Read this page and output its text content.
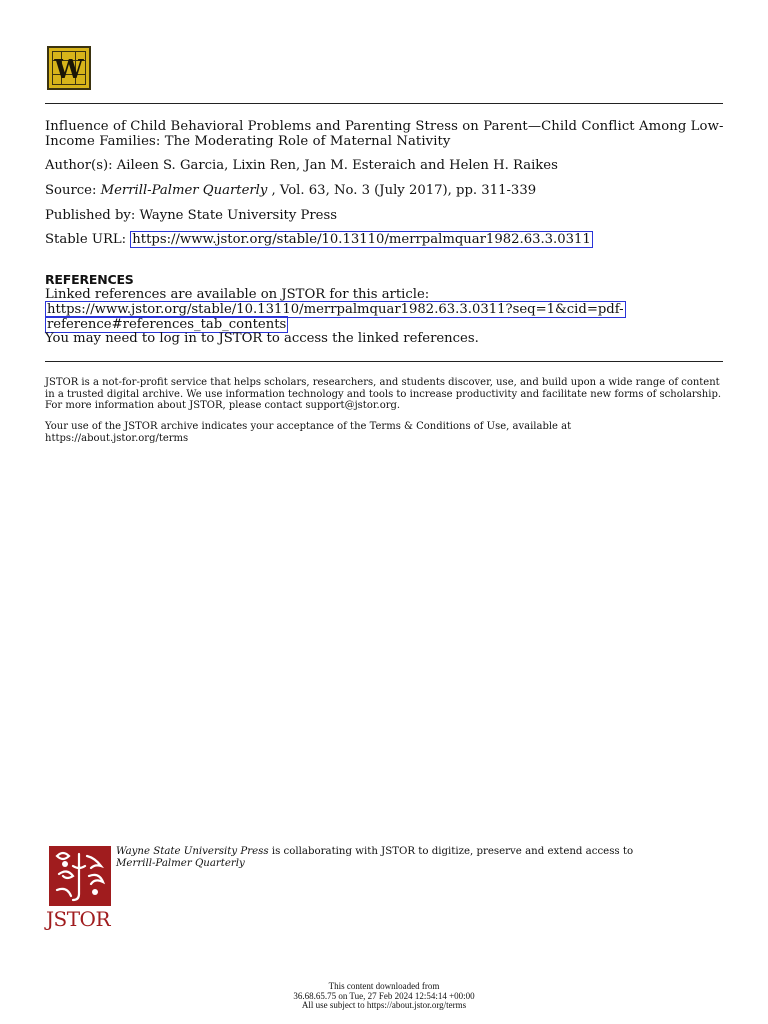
W
Influence of Child Behavioral Problems and Parenting Stress on Parent—Child Conflict Among Low-Income Families: The Moderating Role of Maternal Nativity
Author(s): Aileen S. Garcia, Lixin Ren, Jan M. Esteraich and Helen H. Raikes
Source: Merrill-Palmer Quarterly , Vol. 63, No. 3 (July 2017), pp. 311-339
Published by: Wayne State University Press
Stable URL: https://www.jstor.org/stable/10.13110/merrpalmquar1982.63.3.0311
REFERENCES
Linked references are available on JSTOR for this article:
https://www.jstor.org/stable/10.13110/merrpalmquar1982.63.3.0311?seq=1&cid=pdf-
reference#references_tab_contents
You may need to log in to JSTOR to access the linked references.
JSTOR is a not-for-profit service that helps scholars, researchers, and students discover, use, and build upon a wide range of content in a trusted digital archive. We use information technology and tools to increase productivity and facilitate new forms of scholarship. For more information about JSTOR, please contact support@jstor.org.
Your use of the JSTOR archive indicates your acceptance of the Terms & Conditions of Use, available at
https://about.jstor.org/terms
JSTOR
Wayne State University Press is collaborating with JSTOR to digitize, preserve and extend access to
Merrill-Palmer Quarterly
This content downloaded from
36.68.65.75 on Tue, 27 Feb 2024 12:54:14 +00:00
All use subject to https://about.jstor.org/terms
